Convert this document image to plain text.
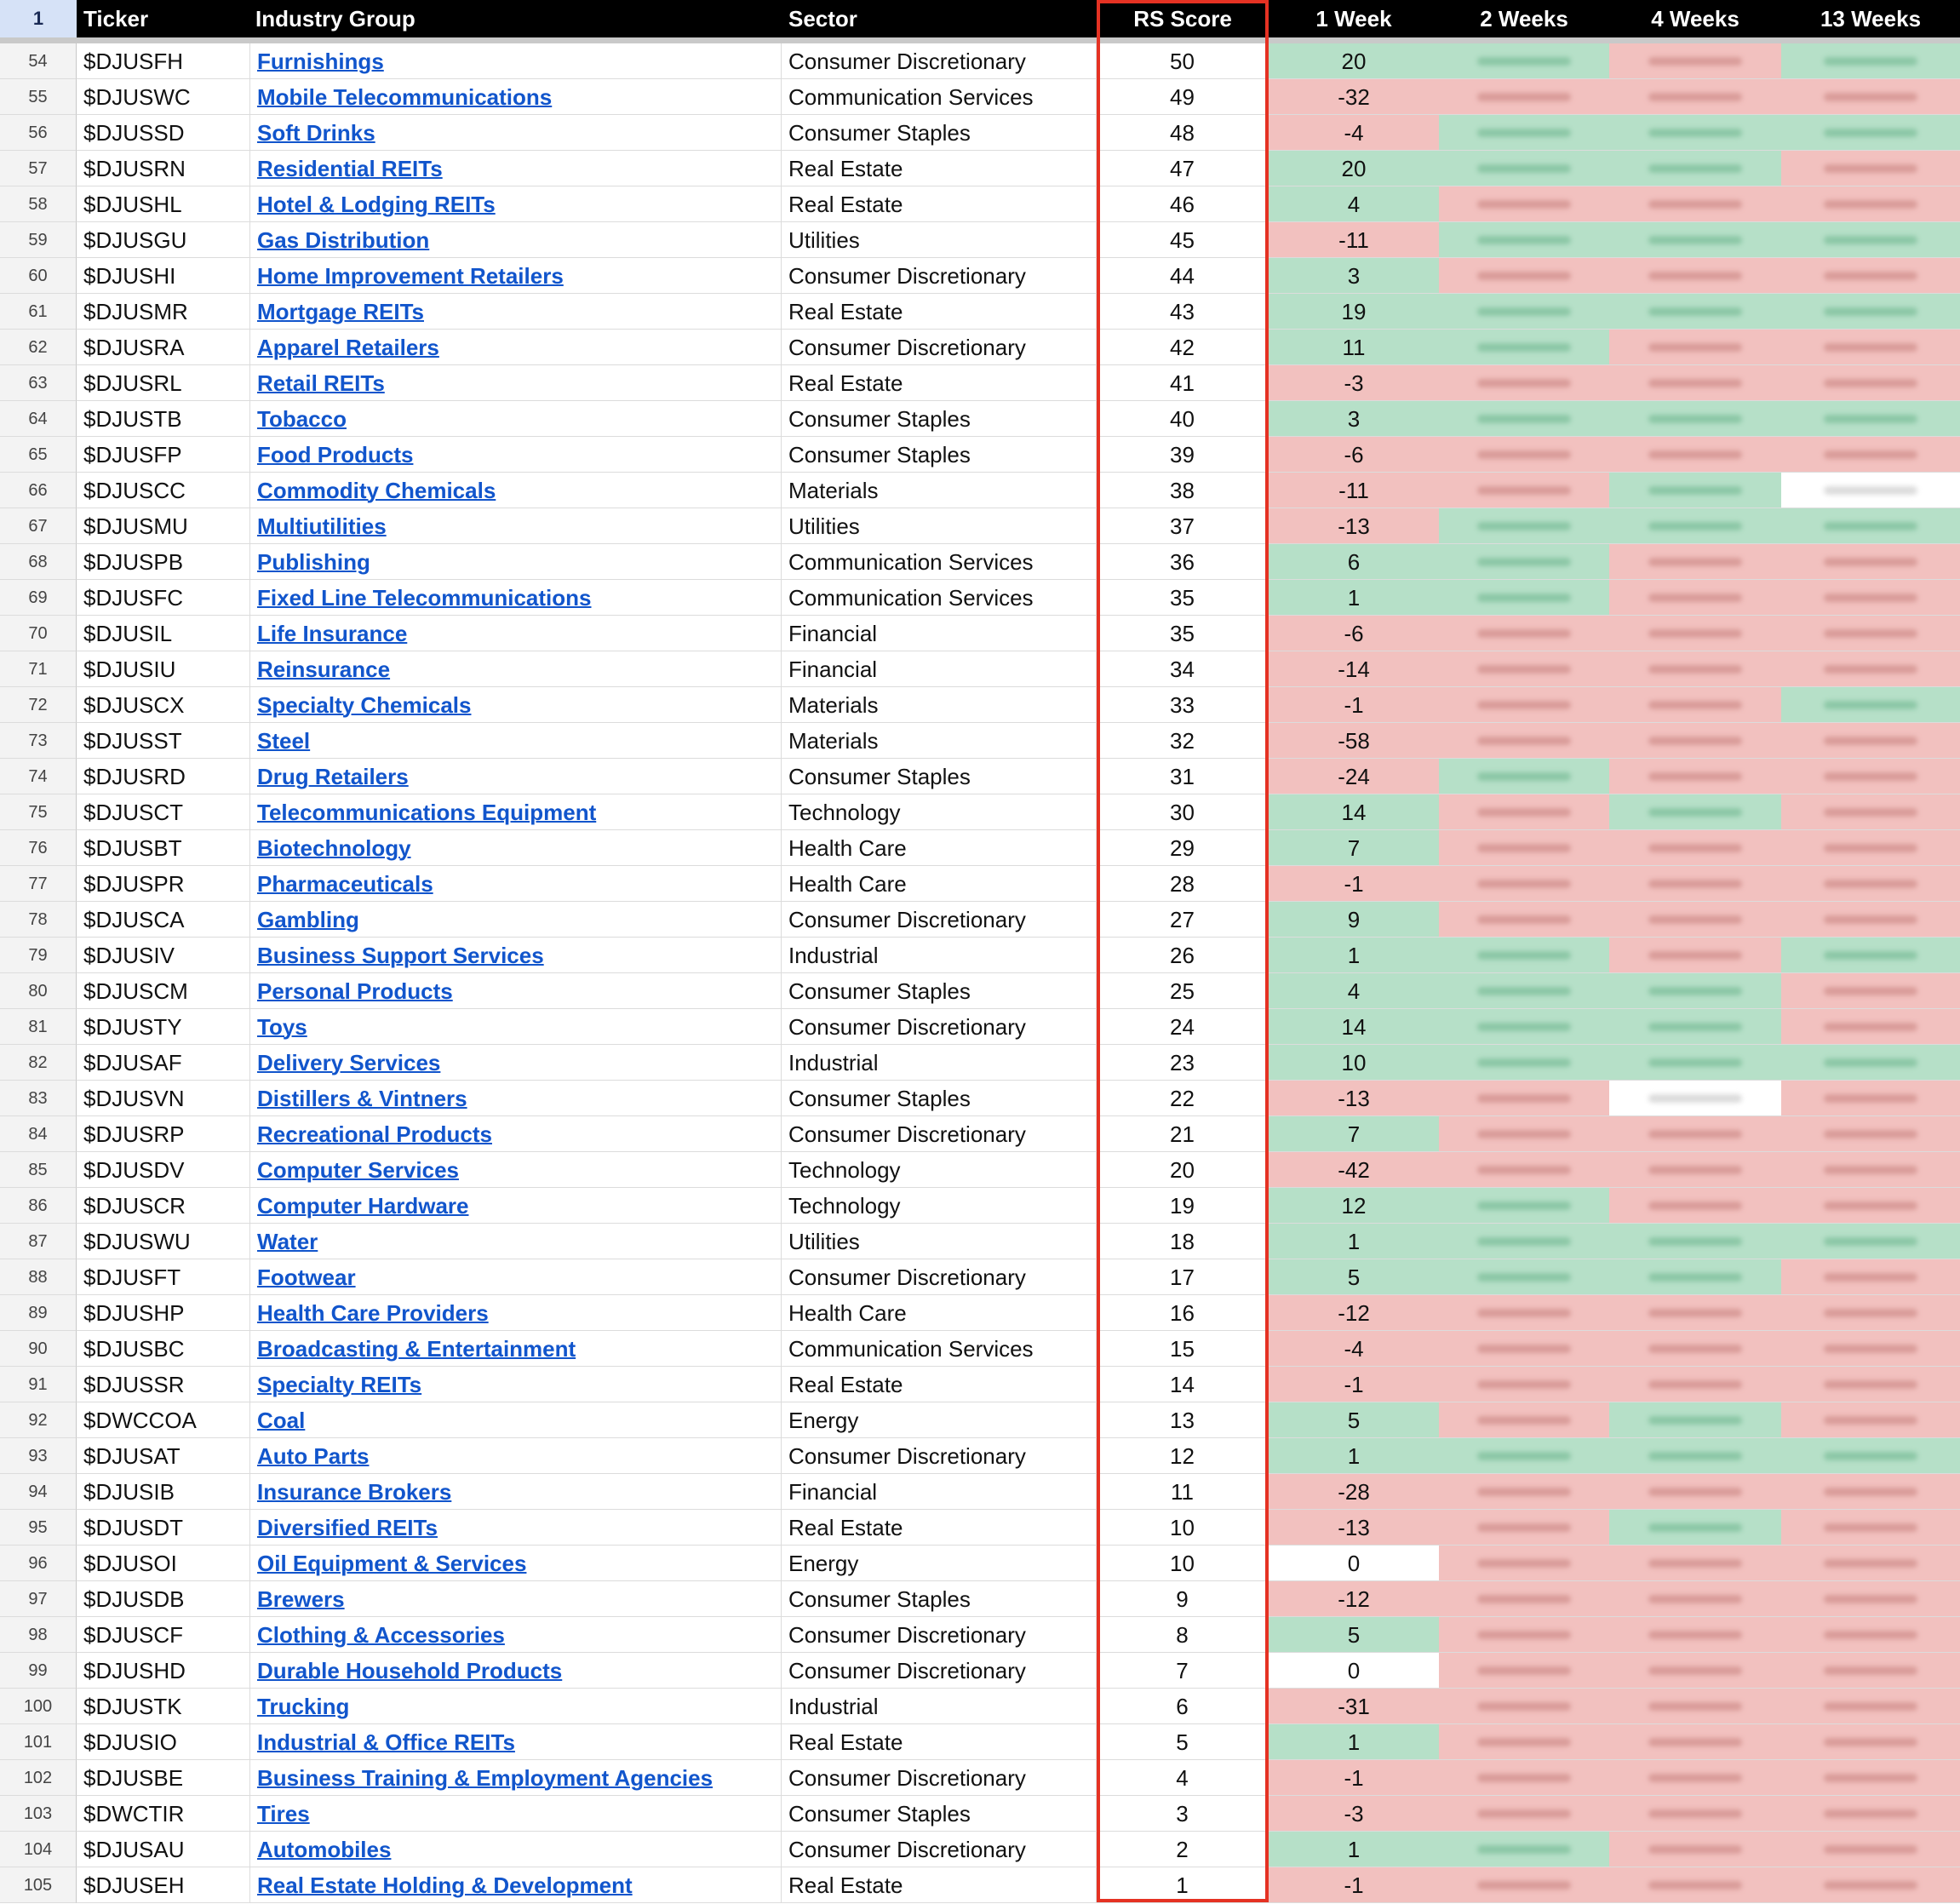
1	Ticker	Industry Group	Sector	RS Score	1 Week	2 Weeks	4 Weeks	13 Weeks
54	$DJUSFH	Furnishings	Consumer Discretionary	50	20
55	$DJUSWC	Mobile Telecommunications	Communication Services	49	-32
56	$DJUSSD	Soft Drinks	Consumer Staples	48	-4
57	$DJUSRN	Residential REITs	Real Estate	47	20
58	$DJUSHL	Hotel & Lodging REITs	Real Estate	46	4
59	$DJUSGU	Gas Distribution	Utilities	45	-11
60	$DJUSHI	Home Improvement Retailers	Consumer Discretionary	44	3
61	$DJUSMR	Mortgage REITs	Real Estate	43	19
62	$DJUSRA	Apparel Retailers	Consumer Discretionary	42	11
63	$DJUSRL	Retail REITs	Real Estate	41	-3
64	$DJUSTB	Tobacco	Consumer Staples	40	3
65	$DJUSFP	Food Products	Consumer Staples	39	-6
66	$DJUSCC	Commodity Chemicals	Materials	38	-11
67	$DJUSMU	Multiutilities	Utilities	37	-13
68	$DJUSPB	Publishing	Communication Services	36	6
69	$DJUSFC	Fixed Line Telecommunications	Communication Services	35	1
70	$DJUSIL	Life Insurance	Financial	35	-6
71	$DJUSIU	Reinsurance	Financial	34	-14
72	$DJUSCX	Specialty Chemicals	Materials	33	-1
73	$DJUSST	Steel	Materials	32	-58
74	$DJUSRD	Drug Retailers	Consumer Staples	31	-24
75	$DJUSCT	Telecommunications Equipment	Technology	30	14
76	$DJUSBT	Biotechnology	Health Care	29	7
77	$DJUSPR	Pharmaceuticals	Health Care	28	-1
78	$DJUSCA	Gambling	Consumer Discretionary	27	9
79	$DJUSIV	Business Support Services	Industrial	26	1
80	$DJUSCM	Personal Products	Consumer Staples	25	4
81	$DJUSTY	Toys	Consumer Discretionary	24	14
82	$DJUSAF	Delivery Services	Industrial	23	10
83	$DJUSVN	Distillers & Vintners	Consumer Staples	22	-13
84	$DJUSRP	Recreational Products	Consumer Discretionary	21	7
85	$DJUSDV	Computer Services	Technology	20	-42
86	$DJUSCR	Computer Hardware	Technology	19	12
87	$DJUSWU	Water	Utilities	18	1
88	$DJUSFT	Footwear	Consumer Discretionary	17	5
89	$DJUSHP	Health Care Providers	Health Care	16	-12
90	$DJUSBC	Broadcasting & Entertainment	Communication Services	15	-4
91	$DJUSSR	Specialty REITs	Real Estate	14	-1
92	$DWCCOA	Coal	Energy	13	5
93	$DJUSAT	Auto Parts	Consumer Discretionary	12	1
94	$DJUSIB	Insurance Brokers	Financial	11	-28
95	$DJUSDT	Diversified REITs	Real Estate	10	-13
96	$DJUSOI	Oil Equipment & Services	Energy	10	0
97	$DJUSDB	Brewers	Consumer Staples	9	-12
98	$DJUSCF	Clothing & Accessories	Consumer Discretionary	8	5
99	$DJUSHD	Durable Household Products	Consumer Discretionary	7	0
100	$DJUSTK	Trucking	Industrial	6	-31
101	$DJUSIO	Industrial & Office REITs	Real Estate	5	1
102	$DJUSBE	Business Training & Employment Agencies	Consumer Discretionary	4	-1
103	$DWCTIR	Tires	Consumer Staples	3	-3
104	$DJUSAU	Automobiles	Consumer Discretionary	2	1
105	$DJUSEH	Real Estate Holding & Development	Real Estate	1	-1
